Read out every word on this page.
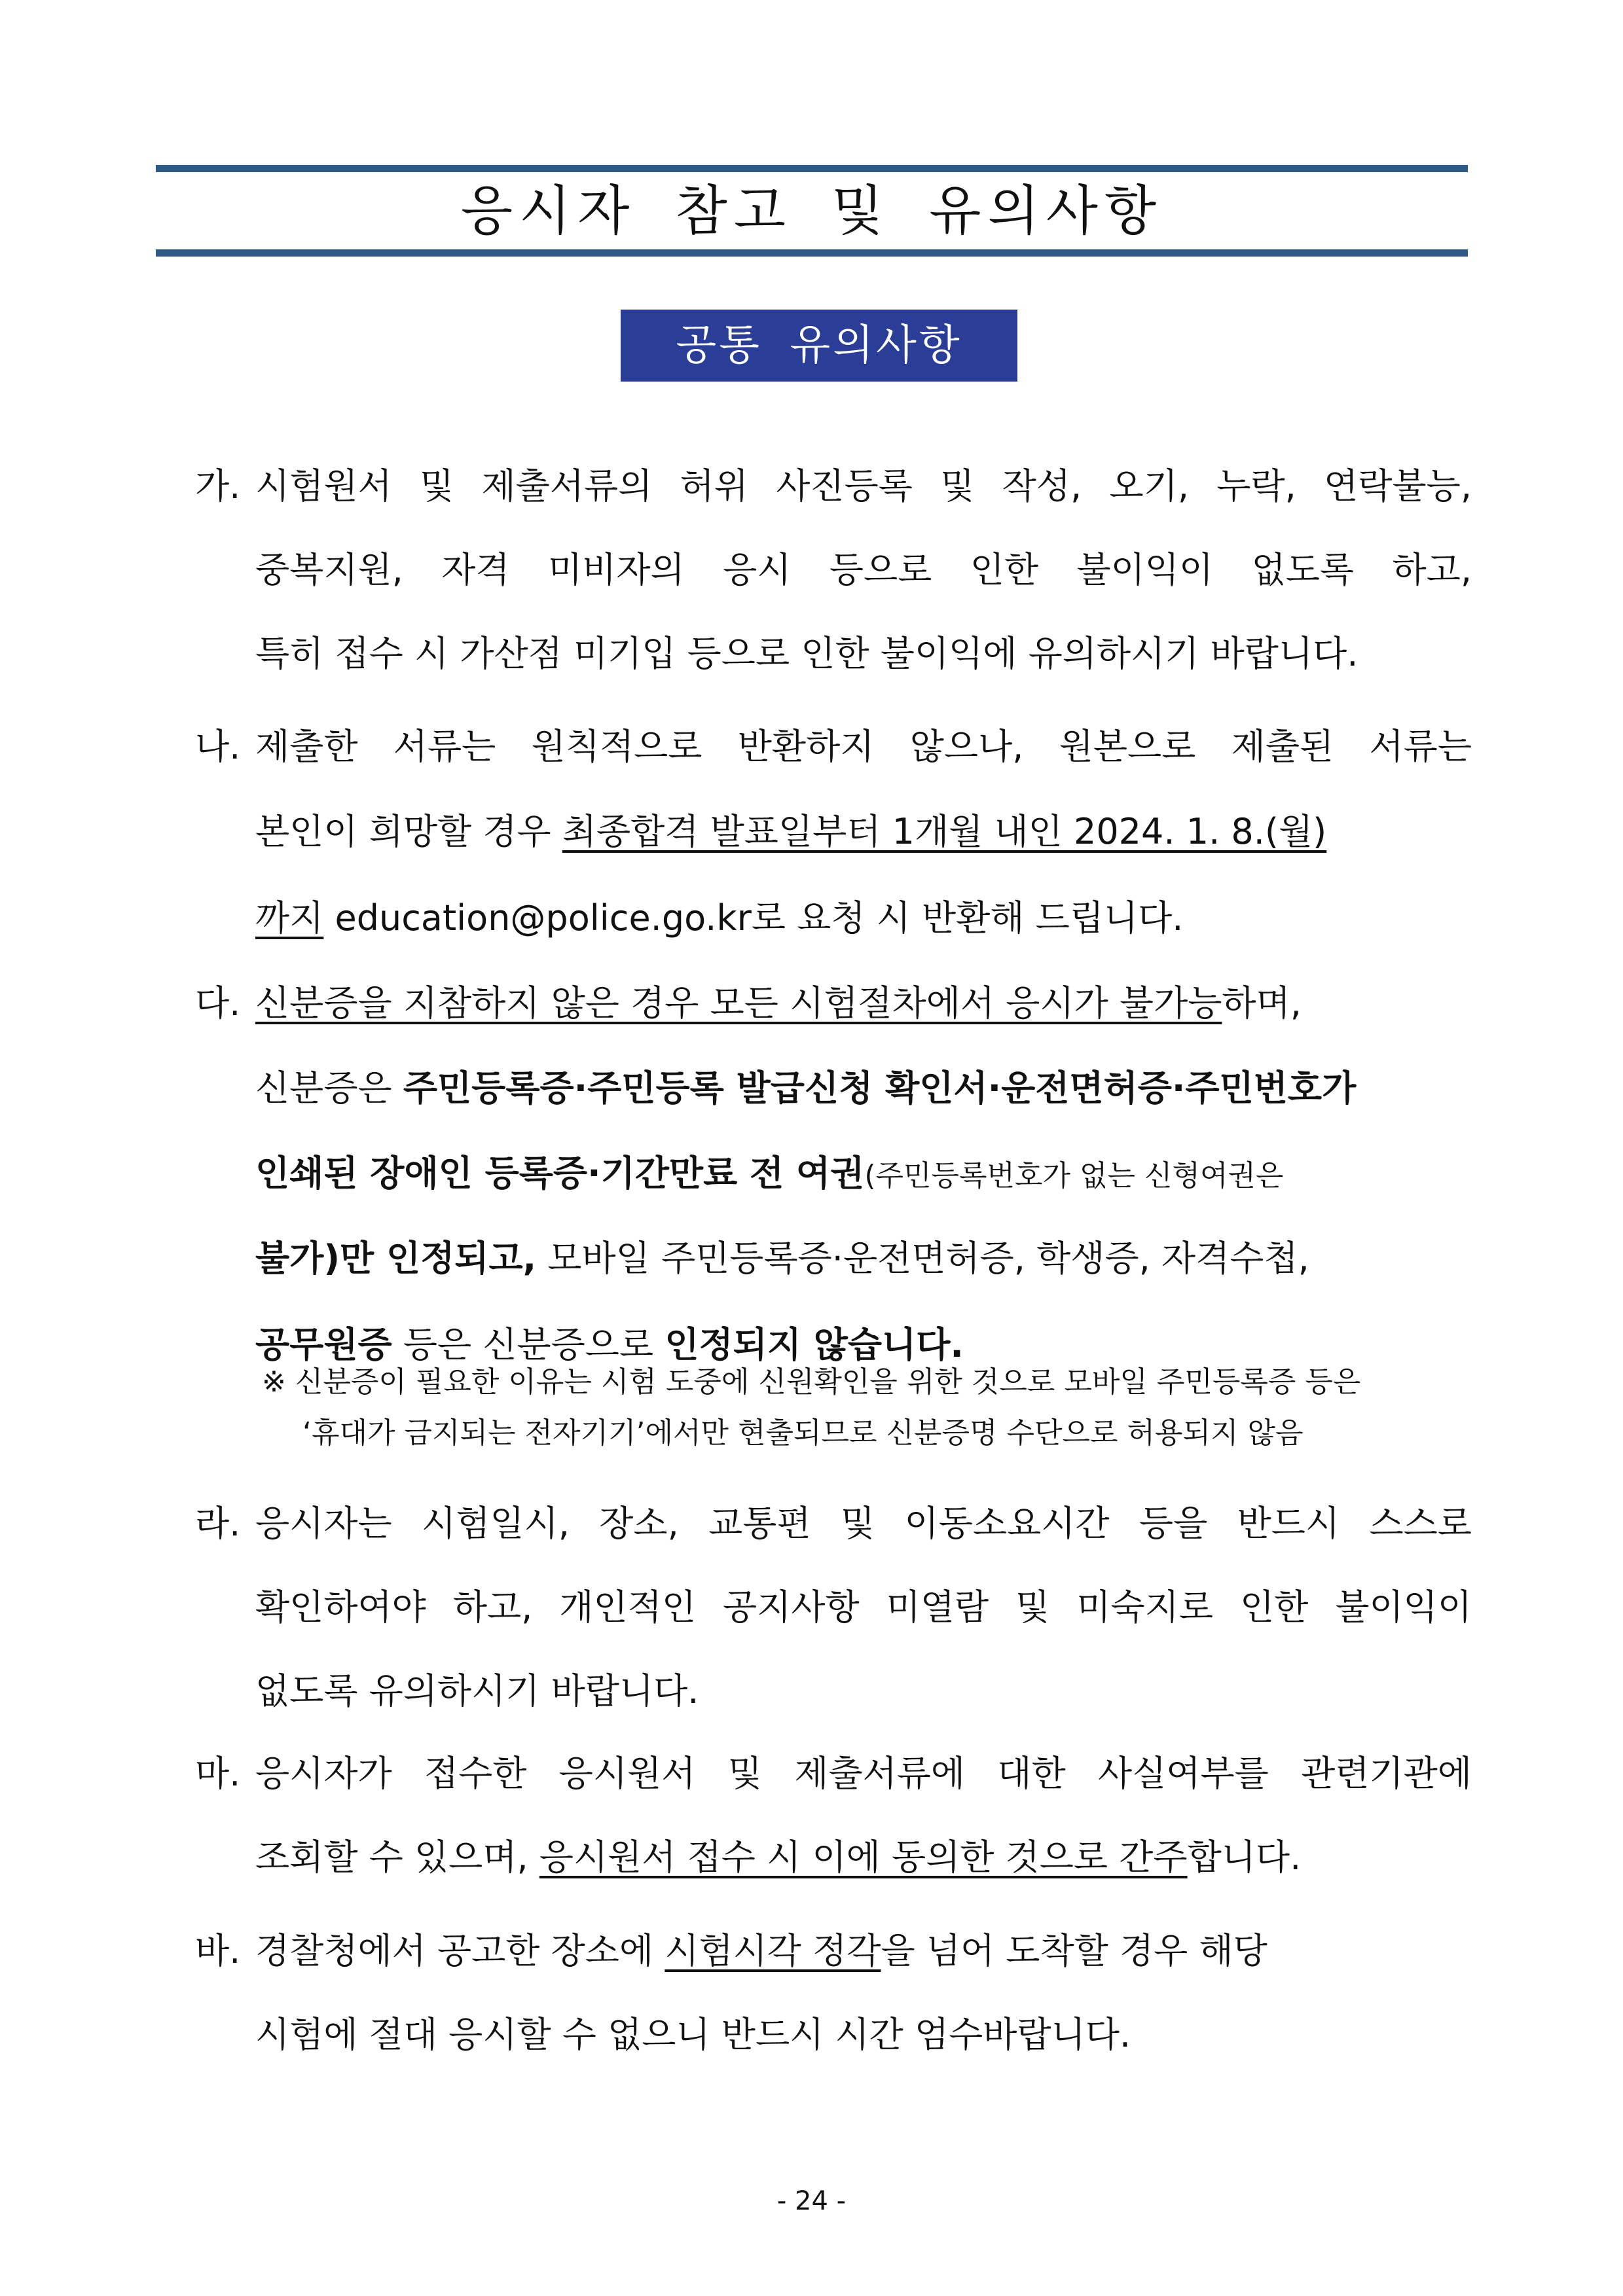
응시자 참고 및 유의사항
공통 유의사항
가. 시험원서 및 제출서류의 허위 사진등록 및 작성, 오기, 누락, 연락불능,
중복지원, 자격 미비자의 응시 등으로 인한 불이익이 없도록 하고,
특히 접수 시 가산점 미기입 등으로 인한 불이익에 유의하시기 바랍니다.
나. 제출한 서류는 원칙적으로 반환하지 않으나, 원본으로 제출된 서류는
본인이 희망할 경우 최종합격 발표일부터 1개월 내인 2024. 1. 8.(월)
까지 education@police.go.kr로 요청 시 반환해 드립니다.
다. 신분증을 지참하지 않은 경우 모든 시험절차에서 응시가 불가능하며,
신분증은 주민등록증·주민등록 발급신청 확인서·운전면허증·주민번호가
인쇄된 장애인 등록증·기간만료 전 여권(주민등록번호가 없는 신형여권은
불가)만 인정되고, 모바일 주민등록증·운전면허증, 학생증, 자격수첩,
공무원증 등은 신분증으로 인정되지 않습니다.
※ 신분증이 필요한 이유는 시험 도중에 신원확인을 위한 것으로 모바일 주민등록증 등은
‘휴대가 금지되는 전자기기’에서만 현출되므로 신분증명 수단으로 허용되지 않음
라. 응시자는 시험일시, 장소, 교통편 및 이동소요시간 등을 반드시 스스로
확인하여야 하고, 개인적인 공지사항 미열람 및 미숙지로 인한 불이익이
없도록 유의하시기 바랍니다.
마. 응시자가 접수한 응시원서 및 제출서류에 대한 사실여부를 관련기관에
조회할 수 있으며, 응시원서 접수 시 이에 동의한 것으로 간주합니다.
바. 경찰청에서 공고한 장소에 시험시각 정각을 넘어 도착할 경우 해당
시험에 절대 응시할 수 없으니 반드시 시간 엄수바랍니다.
- 24 -
